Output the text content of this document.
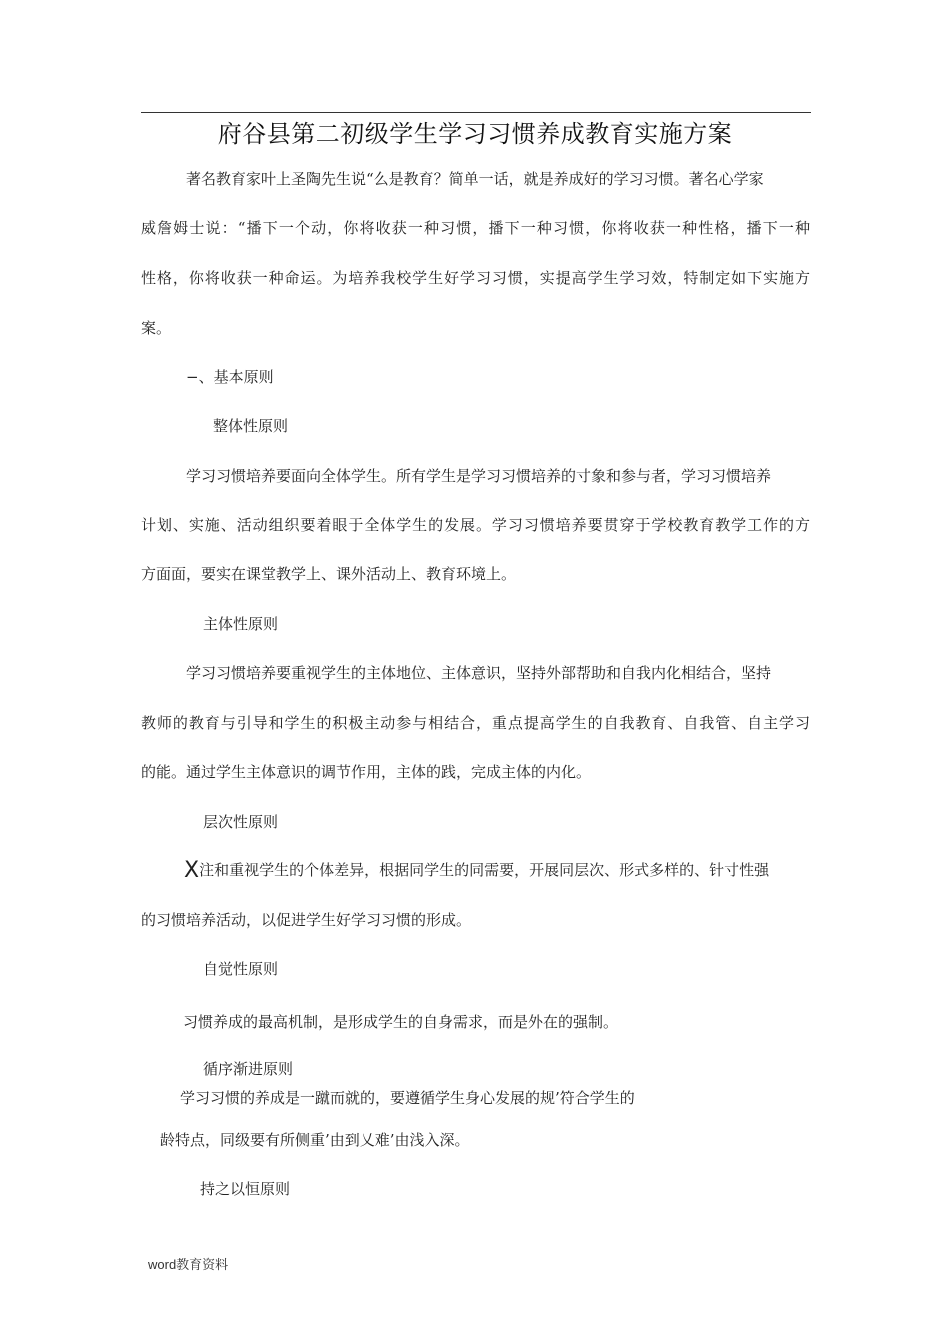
府谷县第二初级学生学习习惯养成教育实施方案
著名教育家叶上圣陶先生说“么是教育？简单一话，就是养成好的学习习惯。著名心学家
威詹姆士说：“播下一个动，你将收获一种习惯，播下一种习惯，你将收获一种性格，播下一种
性格，你将收获一种命运。为培养我校学生好学习习惯，实提高学生学习效，特制定如下实施方
案。
−、基本原则
整体性原则
学习习惯培养要面向全体学生。所有学生是学习习惯培养的寸象和参与者，学习习惯培养
计划、实施、活动组织要着眼于全体学生的发展。学习习惯培养要贯穿于学校教育教学工作的方
方面面，要实在课堂教学上、课外活动上、教育环境上。
主体性原则
学习习惯培养要重视学生的主体地位、主体意识，坚持外部帮助和自我内化相结合，坚持
教师的教育与引导和学生的积极主动参与相结合，重点提高学生的自我教育、自我管、自主学习
的能。通过学生主体意识的调节作用，主体的践，完成主体的内化。
层次性原则
X注和重视学生的个体差异，根据同学生的同需要，开展同层次、形式多样的、针寸性强
的习惯培养活动，以促进学生好学习习惯的形成。
自觉性原则
习惯养成的最高机制，是形成学生的自身需求，而是外在的强制。
循序渐进原则
学习习惯的养成是一蹴而就的，要遵循学生身心发展的规’符合学生的
龄特点，同级要有所侧重’由到乂难’由浅入深。
持之以恒原则
word教育资料
